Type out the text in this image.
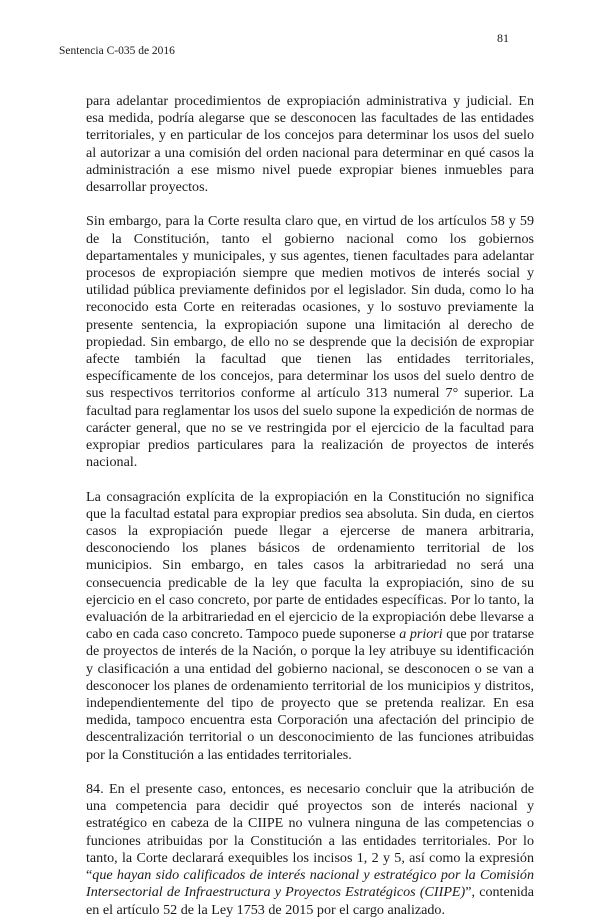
81
Sentencia C-035 de 2016

para adelantar procedimientos de expropiación administrativa y judicial. En esa medida, podría alegarse que se desconocen las facultades de las entidades territoriales, y en particular de los concejos para determinar los usos del suelo al autorizar a una comisión del orden nacional para determinar en qué casos la administración a ese mismo nivel puede expropiar bienes inmuebles para desarrollar proyectos.

Sin embargo, para la Corte resulta claro que, en virtud de los artículos 58 y 59 de la Constitución, tanto el gobierno nacional como los gobiernos departamentales y municipales, y sus agentes, tienen facultades para adelantar procesos de expropiación siempre que medien motivos de interés social y utilidad pública previamente definidos por el legislador. Sin duda, como lo ha reconocido esta Corte en reiteradas ocasiones, y lo sostuvo previamente la presente sentencia, la expropiación supone una limitación al derecho de propiedad. Sin embargo, de ello no se desprende que la decisión de expropiar afecte también la facultad que tienen las entidades territoriales, específicamente de los concejos, para determinar los usos del suelo dentro de sus respectivos territorios conforme al artículo 313 numeral 7° superior. La facultad para reglamentar los usos del suelo supone la expedición de normas de carácter general, que no se ve restringida por el ejercicio de la facultad para expropiar predios particulares para la realización de proyectos de interés nacional.

La consagración explícita de la expropiación en la Constitución no significa que la facultad estatal para expropiar predios sea absoluta. Sin duda, en ciertos casos la expropiación puede llegar a ejercerse de manera arbitraria, desconociendo los planes básicos de ordenamiento territorial de los municipios. Sin embargo, en tales casos la arbitrariedad no será una consecuencia predicable de la ley que faculta la expropiación, sino de su ejercicio en el caso concreto, por parte de entidades específicas. Por lo tanto, la evaluación de la arbitrariedad en el ejercicio de la expropiación debe llevarse a cabo en cada caso concreto. Tampoco puede suponerse a priori que por tratarse de proyectos de interés de la Nación, o porque la ley atribuye su identificación y clasificación a una entidad del gobierno nacional, se desconocen o se van a desconocer los planes de ordenamiento territorial de los municipios y distritos, independientemente del tipo de proyecto que se pretenda realizar. En esa medida, tampoco encuentra esta Corporación una afectación del principio de descentralización territorial o un desconocimiento de las funciones atribuidas por la Constitución a las entidades territoriales.

84. En el presente caso, entonces, es necesario concluir que la atribución de una competencia para decidir qué proyectos son de interés nacional y estratégico en cabeza de la CIIPE no vulnera ninguna de las competencias o funciones atribuidas por la Constitución a las entidades territoriales. Por lo tanto, la Corte declarará exequibles los incisos 1, 2 y 5, así como la expresión “que hayan sido calificados de interés nacional y estratégico por la Comisión Intersectorial de Infraestructura y Proyectos Estratégicos (CIIPE)”, contenida en el artículo 52 de la Ley 1753 de 2015 por el cargo analizado.
